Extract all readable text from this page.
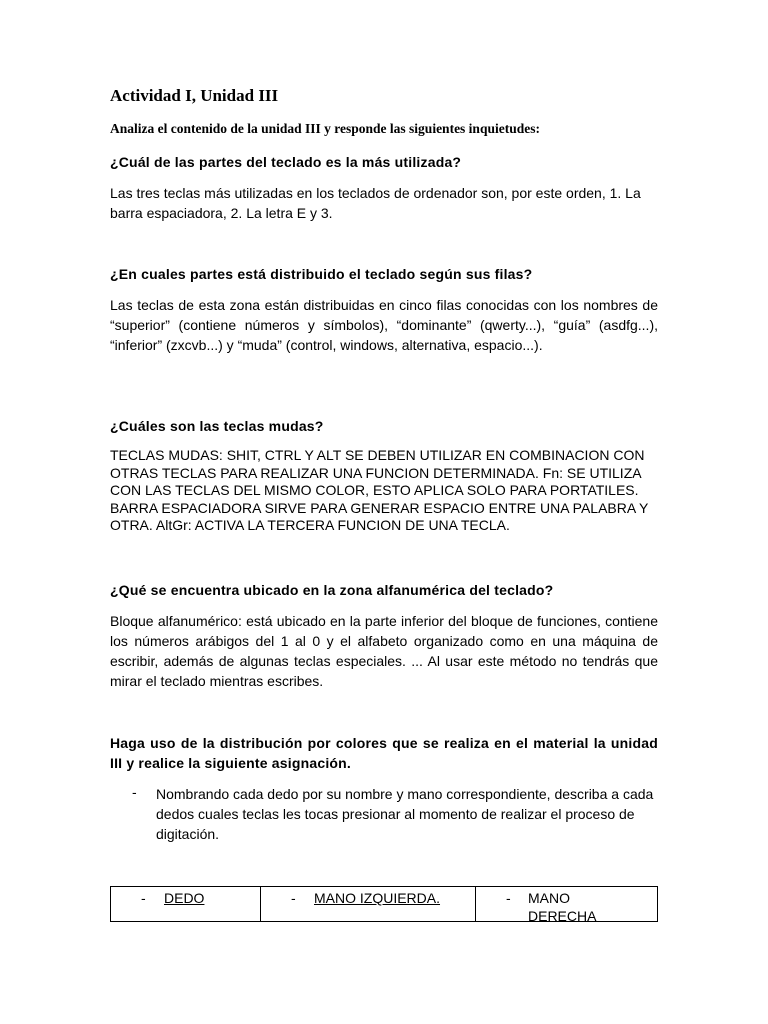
Actividad I, Unidad III
Analiza el contenido de la unidad III y responde las siguientes inquietudes:
¿Cuál de las partes del teclado es la más utilizada?
Las tres teclas más utilizadas en los teclados de ordenador son, por este orden, 1. La barra espaciadora, 2. La letra E y 3.
¿En cuales partes está distribuido el teclado según sus filas?
Las teclas de esta zona están distribuidas en cinco filas conocidas con los nombres de “superior” (contiene números y símbolos), “dominante” (qwerty...), “guía” (asdfg...), “inferior” (zxcvb...) y “muda” (control, windows, alternativa, espacio...).
¿Cuáles son las teclas mudas?
TECLAS MUDAS: SHIT, CTRL Y ALT SE DEBEN UTILIZAR EN COMBINACION CON OTRAS TECLAS PARA REALIZAR UNA FUNCION DETERMINADA. Fn: SE UTILIZA CON LAS TECLAS DEL MISMO COLOR, ESTO APLICA SOLO PARA PORTATILES. BARRA ESPACIADORA SIRVE PARA GENERAR ESPACIO ENTRE UNA PALABRA Y OTRA. AltGr: ACTIVA LA TERCERA FUNCION DE UNA TECLA.
¿Qué se encuentra ubicado en la zona alfanumérica del teclado?
Bloque alfanumérico: está ubicado en la parte inferior del bloque de funciones, contiene los números arábigos del 1 al 0 y el alfabeto organizado como en una máquina de escribir, además de algunas teclas especiales. ... Al usar este método no tendrás que mirar el teclado mientras escribes.
Haga uso de la distribución por colores que se realiza en el material la unidad III y realice la siguiente asignación.
- Nombrando cada dedo por su nombre y mano correspondiente, describa a cada dedos cuales teclas les tocas presionar al momento de realizar el proceso de digitación.
- DEDO	- MANO IZQUIERDA.	- MANO DERECHA
